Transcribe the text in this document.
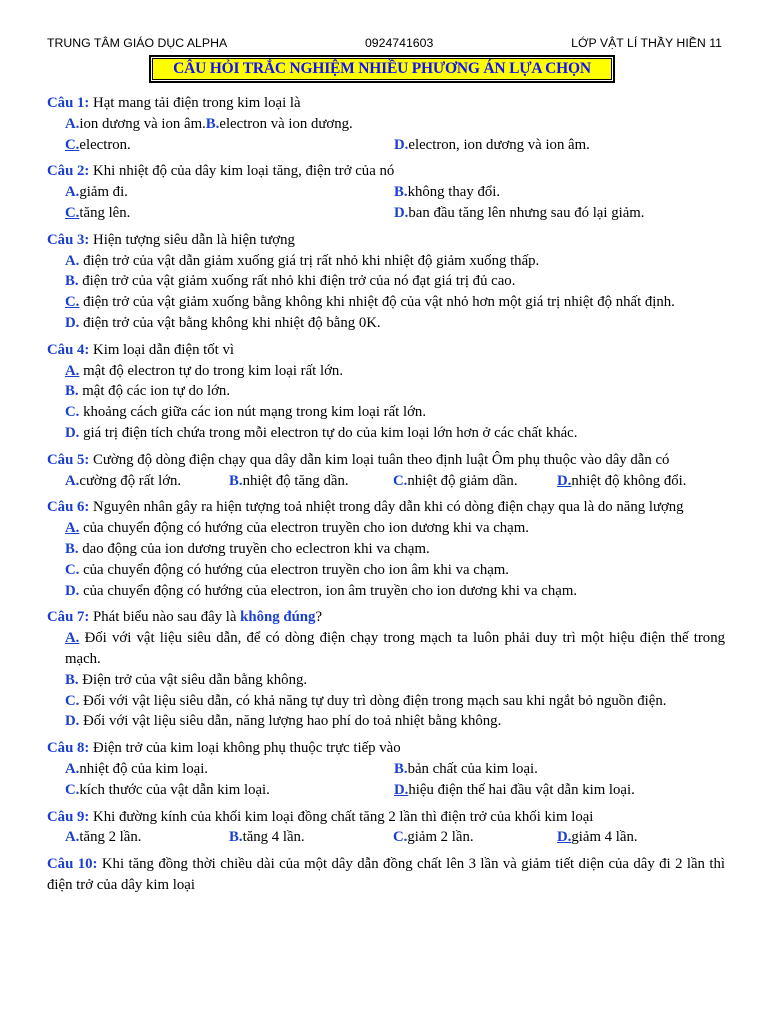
TRUNG TÂM GIÁO DỤC ALPHA	0924741603	LỚP VẬT LÍ THẦY HIỀN 11
CÂU HỎI TRẮC NGHIỆM NHIỀU PHƯƠNG ÁN LỰA CHỌN
Câu 1: Hạt mang tải điện trong kim loại là
A. ion dương và ion âm. B. electron và ion dương.
C. electron.	D. electron, ion dương và ion âm.
Câu 2: Khi nhiệt độ của dây kim loại tăng, điện trở của nó
A. giảm đi.	B. không thay đổi.
C. tăng lên.	D. ban đầu tăng lên nhưng sau đó lại giảm.
Câu 3: Hiện tượng siêu dẫn là hiện tượng
A. điện trở của vật dẫn giảm xuống giá trị rất nhỏ khi nhiệt độ giảm xuống thấp.
B. điện trở của vật giảm xuống rất nhỏ khi điện trở của nó đạt giá trị đủ cao.
C. điện trở của vật giảm xuống bằng không khi nhiệt độ của vật nhỏ hơn một giá trị nhiệt độ nhất định.
D. điện trở của vật bằng không khi nhiệt độ bằng 0K.
Câu 4: Kim loại dẫn điện tốt vì
A. mật độ electron tự do trong kim loại rất lớn.
B. mật độ các ion tự do lớn.
C. khoảng cách giữa các ion nút mạng trong kim loại rất lớn.
D. giá trị điện tích chứa trong mỗi electron tự do của kim loại lớn hơn ở các chất khác.
Câu 5: Cường độ dòng điện chạy qua dây dẫn kim loại tuân theo định luật Ôm phụ thuộc vào dây dẫn có
A. cường độ rất lớn.	B. nhiệt độ tăng dần.	C. nhiệt độ giảm dần.	D. nhiệt độ không đổi.
Câu 6: Nguyên nhân gây ra hiện tượng toả nhiệt trong dây dẫn khi có dòng điện chạy qua là do năng lượng
A. của chuyển động có hướng của electron truyền cho ion dương khi va chạm.
B. dao động của ion dương truyền cho eclectron khi va chạm.
C. của chuyển động có hướng của electron truyền cho ion âm khi va chạm.
D. của chuyển động có hướng của electron, ion âm truyền cho ion dương khi va chạm.
Câu 7: Phát biểu nào sau đây là không đúng?
A. Đối với vật liệu siêu dẫn, để có dòng điện chạy trong mạch ta luôn phải duy trì một hiệu điện thế trong mạch.
B. Điện trở của vật siêu dẫn bằng không.
C. Đối với vật liệu siêu dẫn, có khả năng tự duy trì dòng điện trong mạch sau khi ngắt bỏ nguồn điện.
D. Đối với vật liệu siêu dẫn, năng lượng hao phí do toả nhiệt bằng không.
Câu 8: Điện trở của kim loại không phụ thuộc trực tiếp vào
A. nhiệt độ của kim loại.	B. bản chất của kim loại.
C. kích thước của vật dẫn kim loại.	D. hiệu điện thế hai đầu vật dẫn kim loại.
Câu 9: Khi đường kính của khối kim loại đồng chất tăng 2 lần thì điện trở của khối kim loại
A. tăng 2 lần.	B. tăng 4 lần.	C. giảm 2 lần.	D. giảm 4 lần.
Câu 10: Khi tăng đồng thời chiều dài của một dây dẫn đồng chất lên 3 lần và giảm tiết diện của dây đi 2 lần thì điện trở của dây kim loại
